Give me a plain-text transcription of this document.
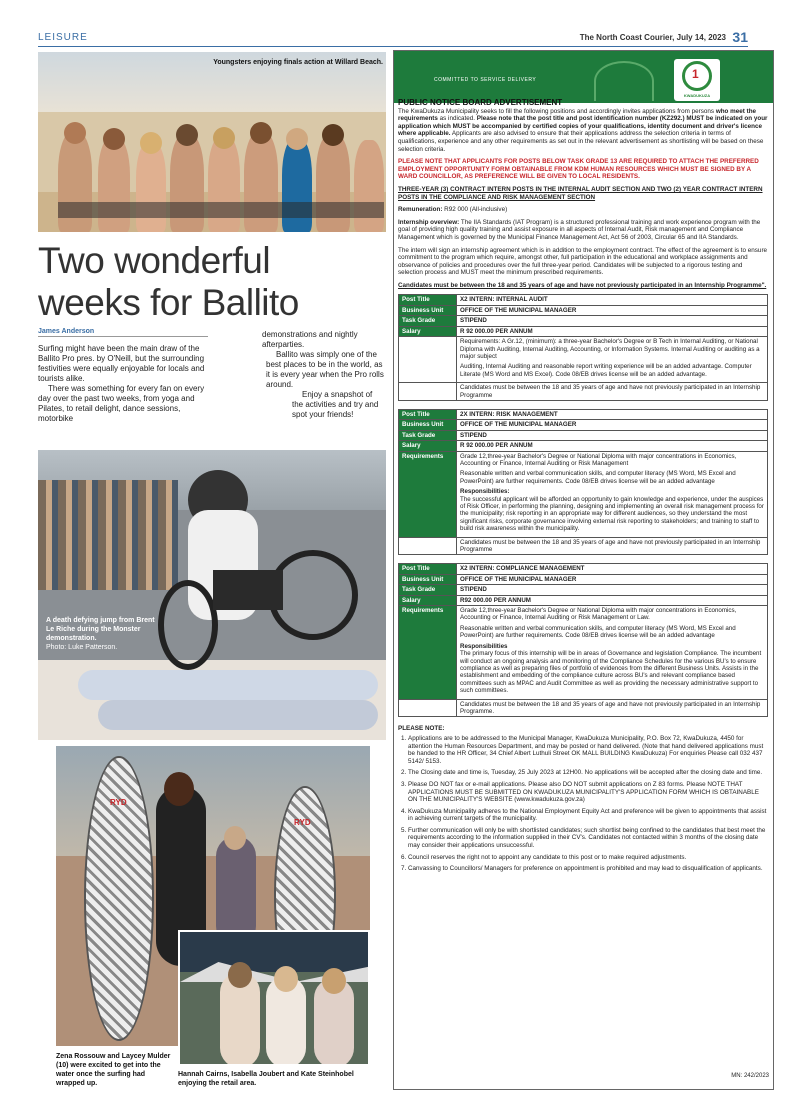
LEISURE	The North Coast Courier, July 14, 2023 31
Youngsters enjoying finals action at Willard Beach.
Two wonderful
weeks for Ballito
James Anderson

Surfing might have been the main draw of the Ballito Pro pres. by O'Neill, but the surrounding festivities were equally enjoyable for locals and tourists alike.

There was something for every fan on every day over the past two weeks, from yoga and Pilates, to retail delight, dance sessions, motorbike

demonstrations and nightly afterparties.

Ballito was simply one of the best places to be in the world, as it is every year when the Pro rolls around.

Enjoy a snapshot of the activities and try and spot your friends!

A death defying jump from Brent Le Riche during the Monster demonstration.
Photo: Luke Patterson.
RYD
RYD
Zena Rossouw and Laycey Mulder (10) were excited to get into the water once the surfing had wrapped up.
Hannah Cairns, Isabella Joubert and Kate Steinhobel enjoying the retail area.
COMMITTED TO SERVICE DELIVERY	1
KWADUKUZA
PUBLIC NOTICE BOARD ADVERTISEMENT

The KwaDukuza Municipality seeks to fill the following positions and accordingly invites applications from persons who meet the requirements as indicated. Please note that the post title and post identification number (KZ292.) MUST be indicated on your application which MUST be accompanied by certified copies of your qualifications, identity document and driver's licence where applicable. Applicants are also advised to ensure that their applications address the selection criteria in terms of qualifications, experience and any other requirements as set out in the relevant advertisement as shortlisting will be based on these selection criteria.

PLEASE NOTE THAT APPLICANTS FOR POSTS BELOW TASK GRADE 13 ARE REQUIRED TO ATTACH THE PREFERRED EMPLOYMENT OPPORTUNITY FORM OBTAINABLE FROM KDM HUMAN RESOURCES WHICH MUST BE SIGNED BY A WARD COUNCILLOR, AS PREFERENCE WILL BE GIVEN TO LOCAL RESIDENTS.

THREE-YEAR (3) CONTRACT INTERN POSTS IN THE INTERNAL AUDIT SECTION AND TWO (2) YEAR CONTRACT INTERN POSTS IN THE COMPLIANCE AND RISK MANAGEMENT SECTION

Remuneration: R92 000 (All-inclusive)

Internship overview: The IIA Standards (IAT Program) is a structured professional training and work experience program with the goal of providing high quality training and assist exposure in all aspects of Internal Audit, Risk management and Compliance Management which is governed by the Municipal Finance Management Act, Act 56 of 2003, Circular 65 and IIA Standards.

The intern will sign an internship agreement which is in addition to the employment contract. The effect of the agreement is to ensure commitment to the program which require, amongst other, full participation in the educational and workplace assignments and observance of policies and procedures over the full three-year period. Candidates will be subjected to a rigorous testing and selection process and MUST meet the minimum prescribed requirements.

Candidates must be between the 18 and 35 years of age and have not previously participated in an Internship Programme".

Post Title	X2 INTERN: INTERNAL AUDIT
Business Unit	OFFICE OF THE MUNICIPAL MANAGER
Task Grade	STIPEND
Salary	R 92 000.00 PER ANNUM

	Requirements: A Gr.12, (minimum): a three-year Bachelor's Degree or B Tech in Internal Auditing, or National Diploma with Auditing, Internal Auditing, Accounting, or Information Systems. Internal Auditing or auditing as a major subject
Auditing, Internal Auditing and reasonable report writing experience will be an added advantage. Computer Literate (MS Word and MS Excel). Code 08/EB drives license will be an added advantage.

	Candidates must be between the 18 and 35 years of age and have not previously participated in an Internship Programme
Post Title	2X INTERN: RISK MANAGEMENT
Business Unit	OFFICE OF THE MUNICIPAL MANAGER
Task Grade	STIPEND
Salary	R 92 000.00 PER ANNUM
Requirements	Grade 12,three-year Bachelor's Degree or National Diploma with major concentrations in Economics, Accounting or Finance, Internal Auditing or Risk Management
Reasonable written and verbal communication skills, and computer literacy (MS Word, MS Excel and PowerPoint) are further requirements. Code 08/EB drives license will be an added advantage
Responsibilities:
The successful applicant will be afforded an opportunity to gain knowledge and experience, under the auspices of Risk Officer, in performing the planning, designing and implementing an overall risk management process for the municipality; risk reporting in an appropriate way for different audiences, so they understand the most significant risks, corporate governance involving external risk reporting to stakeholders; and training to staff to build risk awareness within the municipality.

	Candidates must be between the 18 and 35 years of age and have not previously participated in an Internship Programme
Post Title	X2 INTERN: COMPLIANCE MANAGEMENT
Business Unit	OFFICE OF THE MUNICIPAL MANAGER
Task Grade	STIPEND
Salary	R92 000.00 PER ANNUM
Requirements	Grade 12,three-year Bachelor's Degree or National Diploma with major concentrations in Economics, Accounting or Finance, Internal Auditing or Risk Management or Law.
Reasonable written and verbal communication skills, and computer literacy (MS Word, MS Excel and PowerPoint) are further requirements. Code 08/EB drives license will be an added advantage
Responsibilities
The primary focus of this internship will be in areas of Governance and legislation Compliance. The incumbent will conduct an ongoing analysis and monitoring of the Compliance Schedules for the various BU's to ensure compliance as well as preparing files of portfolio of evidences from the different Business Units. Assists in the establishment and embedding of the compliance culture across BU's and relevant compliance based committees such as MPAC and Audit Committee as well as providing the necessary administrative support to such committees.

	Candidates must be between the 18 and 35 years of age and have not previously participated in an Internship Programme.
PLEASE NOTE:
1. Applications are to be addressed to the Municipal Manager, KwaDukuza Municipality, P.O. Box 72, KwaDukuza, 4450 for attention the Human Resources Department, and may be posted or hand delivered. (Note that hand delivered applications must be handed to the HR Officer, 34 Chief Albert Luthuli Street OK MALL BUILDING KwaDukuza) For enquiries Please call 032 437 5142/ 5153.
2. The Closing date and time is, Tuesday, 25 July 2023 at 12H00. No applications will be accepted after the closing date and time.
3. Please DO NOT fax or e-mail applications. Please also DO NOT submit applications on Z 83 forms. Please NOTE THAT APPLICATIONS MUST BE SUBMITTED ON KWADUKUZA MUNICIPALITY'S APPLICATION FORM WHICH IS OBTAINABLE ON THE MUNICIPALITY'S WEBSITE (www.kwadukuza.gov.za)
4. KwaDukuza Municipality adheres to the National Employment Equity Act and preference will be given to appointments that assist in achieving current targets of the municipality.
5. Further communication will only be with shortlisted candidates; such shortlist being confined to the candidates that best meet the requirements according to the information supplied in their CV's. Candidates not contacted within 3 months of the closing date may consider their applications unsuccessful.
6. Council reserves the right not to appoint any candidate to this post or to make required adjustments.
7. Canvassing to Councillors/ Managers for preference on appointment is prohibited and may lead to disqualification of applicants.
MN: 242/2023
